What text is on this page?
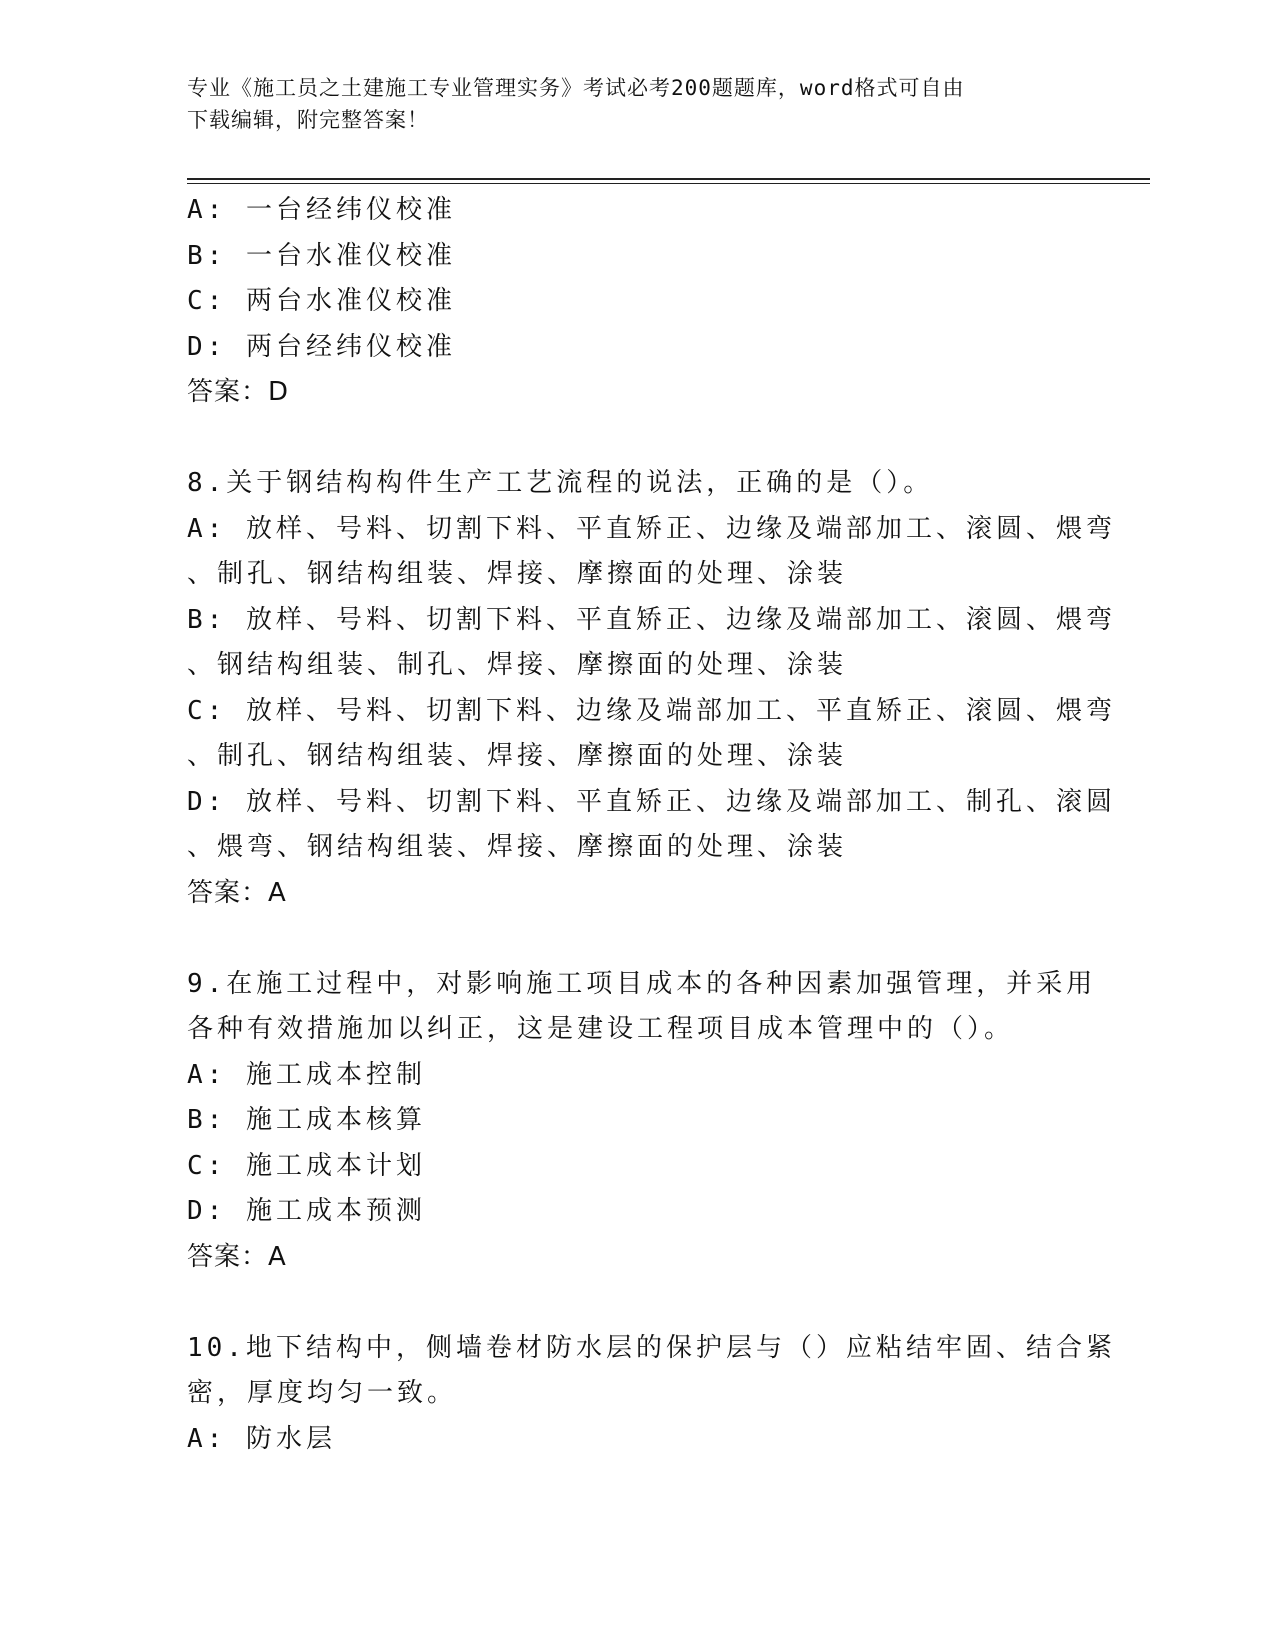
专业《施工员之土建施工专业管理实务》考试必考200题题库，word格式可自由
下载编辑，附完整答案！
A: 一台经纬仪校准
B: 一台水准仪校准
C: 两台水准仪校准
D: 两台经纬仪校准
答案：D
8.关于钢结构构件生产工艺流程的说法，正确的是（）。
A: 放样、号料、切割下料、平直矫正、边缘及端部加工、滚圆、煨弯
、制孔、钢结构组装、焊接、摩擦面的处理、涂装
B: 放样、号料、切割下料、平直矫正、边缘及端部加工、滚圆、煨弯
、钢结构组装、制孔、焊接、摩擦面的处理、涂装
C: 放样、号料、切割下料、边缘及端部加工、平直矫正、滚圆、煨弯
、制孔、钢结构组装、焊接、摩擦面的处理、涂装
D: 放样、号料、切割下料、平直矫正、边缘及端部加工、制孔、滚圆
、煨弯、钢结构组装、焊接、摩擦面的处理、涂装
答案：A
9.在施工过程中，对影响施工项目成本的各种因素加强管理，并采用
各种有效措施加以纠正，这是建设工程项目成本管理中的（）。
A: 施工成本控制
B: 施工成本核算
C: 施工成本计划
D: 施工成本预测
答案：A
10.地下结构中，侧墙卷材防水层的保护层与（）应粘结牢固、结合紧
密，厚度均匀一致。
A: 防水层
